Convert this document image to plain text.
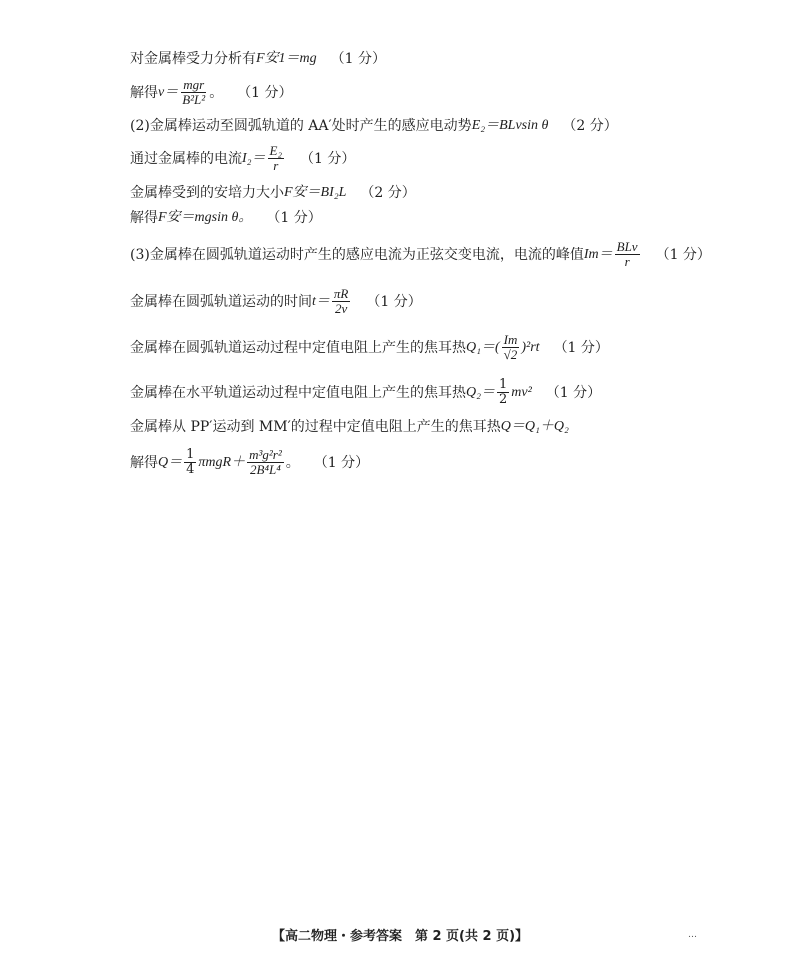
对金属棒受力分析有 F安1＝mg （1 分）
解得 $v= \frac{\text{mgr}}{\text{B²L²}}$ 。 （1 分）
(2)金属棒运动至圆弧轨道的 AA′处时产生的感应电动势 E₂＝BLvsin θ （2 分）
通过金属棒的电流 $I_2= \frac{\text{E₂}}{r} (1$ 分）
金属棒受到的安培力大小 F安＝BI₂L （2 分）
解得 F安＝mgsin θ。 （1 分）
(3)金属棒在圆弧轨道运动时产生的感应电流为正弦交变电流，电流的峰值 $Im= \frac{\text{BLv}}{r} (1$ 分）
金属棒在圆弧轨道运动的时间 $t= \frac{\pi R}{2v} (1$ 分）
金属棒在圆弧轨道运动过程中定值电阻上产生的焦耳热 $Q_1=( \frac{Im}{√2} )^2rt$ （1 分）
金属棒在水平轨道运动过程中定值电阻上产生的焦耳热 $Q_2= \frac{1}{2} mv^2$ （1 分）
金属棒从 PP′运动到 MM′的过程中定值电阻上产生的焦耳热 Q＝Q₁＋Q₂
解得 $Q= \frac{1}{4} \pi mgR+ \frac{\text{m³g²r²}}{\text{2B⁴L⁴}}$ 。 （1 分）
【高二物理・参考答案　第 2 页(共 2 页)】	…
